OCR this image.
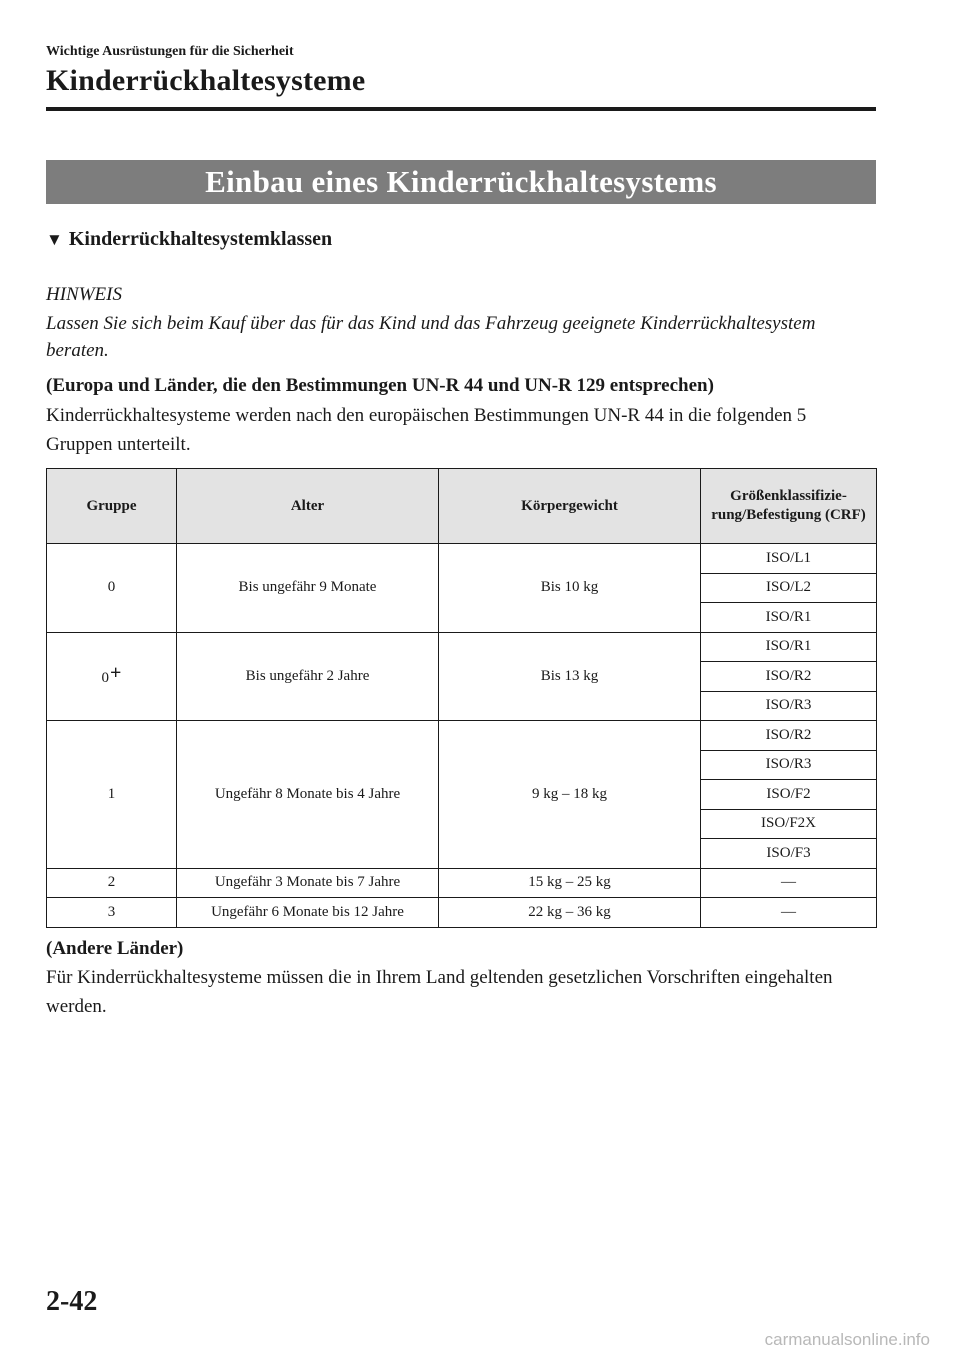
Wichtige Ausrüstungen für die Sicherheit
Kinderrückhaltesysteme
Einbau eines Kinderrückhaltesystems
▼ Kinderrückhaltesystemklassen
HINWEIS
Lassen Sie sich beim Kauf über das für das Kind und das Fahrzeug geeignete Kinderrückhaltesystem beraten.
(Europa und Länder, die den Bestimmungen UN-R 44 und UN-R 129 entsprechen)
Kinderrückhaltesysteme werden nach den europäischen Bestimmungen UN-R 44 in die folgenden 5 Gruppen unterteilt.
Gruppe	Alter	Körpergewicht	Größenklassifizie-rung/Befestigung (CRF)
0	Bis ungefähr 9 Monate	Bis 10 kg	ISO/L1
			ISO/L2
			ISO/R1
0+	Bis ungefähr 2 Jahre	Bis 13 kg	ISO/R1
			ISO/R2
			ISO/R3
1	Ungefähr 8 Monate bis 4 Jahre	9 kg – 18 kg	ISO/R2
			ISO/R3
			ISO/F2
			ISO/F2X
			ISO/F3
2	Ungefähr 3 Monate bis 7 Jahre	15 kg – 25 kg	—
3	Ungefähr 6 Monate bis 12 Jahre	22 kg – 36 kg	—
(Andere Länder)
Für Kinderrückhaltesysteme müssen die in Ihrem Land geltenden gesetzlichen Vorschriften eingehalten werden.
2-42
carmanualsonline.info
